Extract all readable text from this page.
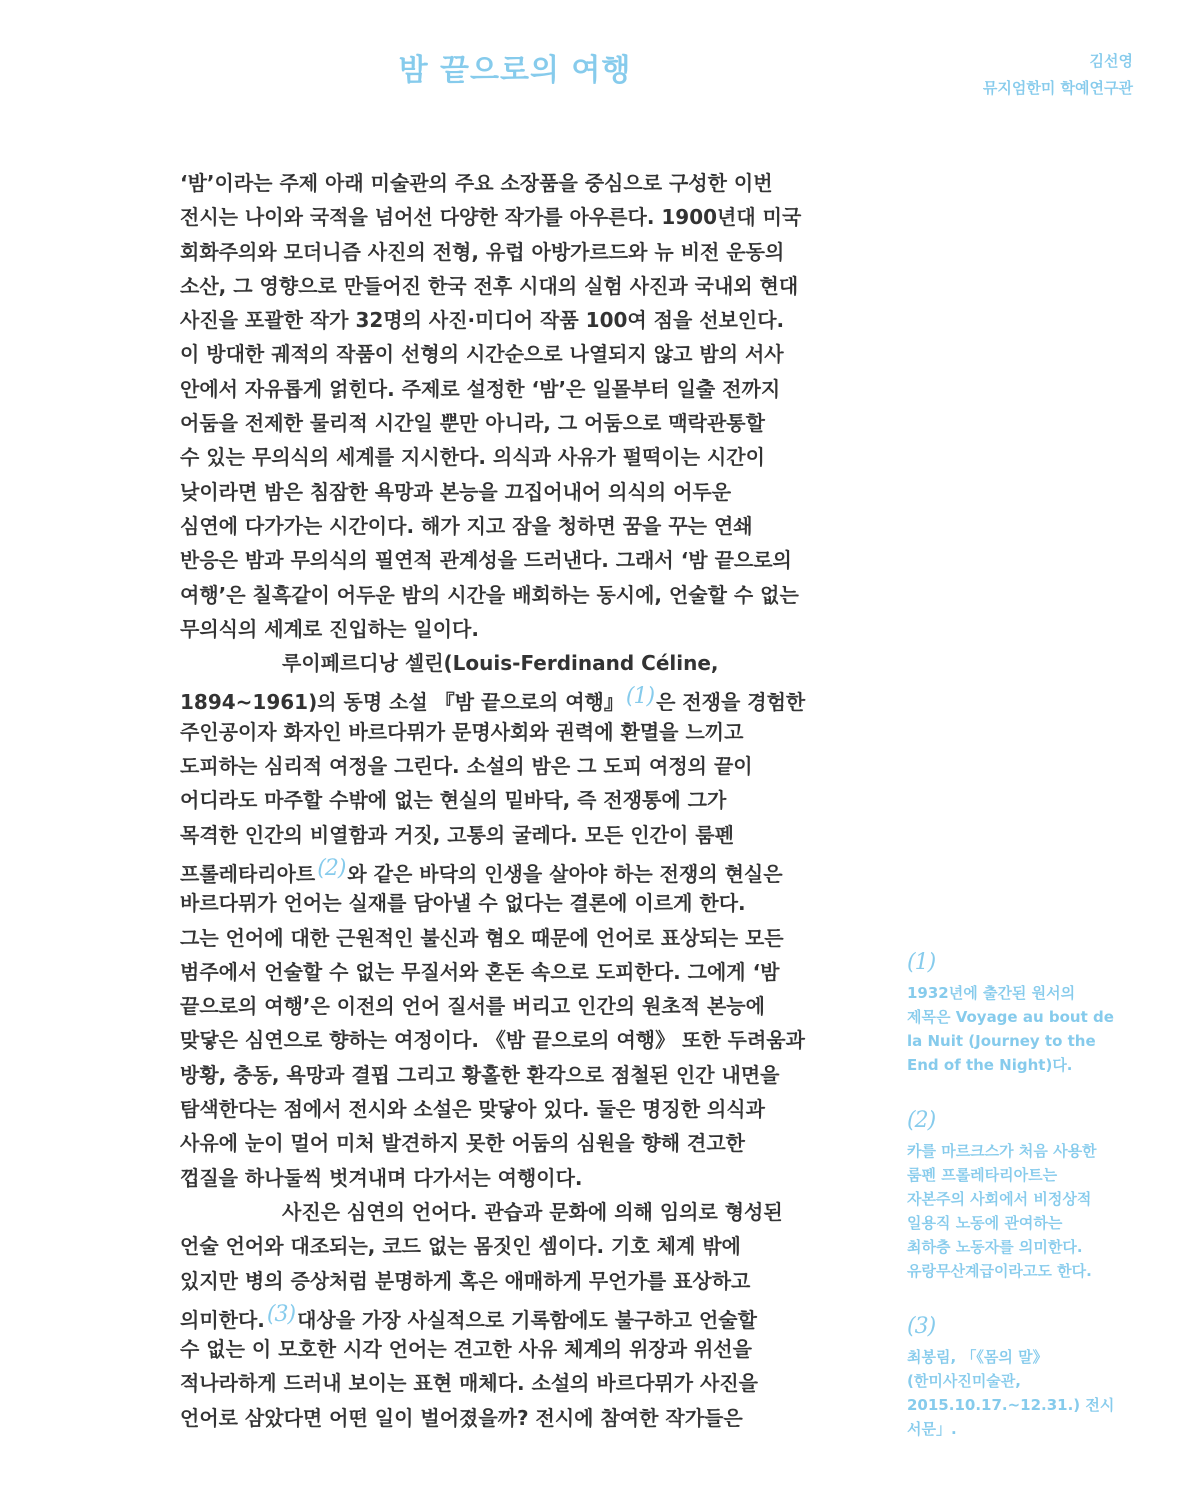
밤 끝으로의 여행	김선영
뮤지엄한미 학예연구관
‘밤’이라는 주제 아래 미술관의 주요 소장품을 중심으로 구성한 이번
전시는 나이와 국적을 넘어선 다양한 작가를 아우른다. 1900년대 미국
회화주의와 모더니즘 사진의 전형, 유럽 아방가르드와 뉴 비전 운동의
소산, 그 영향으로 만들어진 한국 전후 시대의 실험 사진과 국내외 현대
사진을 포괄한 작가 32명의 사진·미디어 작품 100여 점을 선보인다.
이 방대한 궤적의 작품이 선형의 시간순으로 나열되지 않고 밤의 서사
안에서 자유롭게 얽힌다. 주제로 설정한 ‘밤’은 일몰부터 일출 전까지
어둠을 전제한 물리적 시간일 뿐만 아니라, 그 어둠으로 맥락관통할
수 있는 무의식의 세계를 지시한다. 의식과 사유가 펄떡이는 시간이
낮이라면 밤은 침잠한 욕망과 본능을 끄집어내어 의식의 어두운
심연에 다가가는 시간이다. 해가 지고 잠을 청하면 꿈을 꾸는 연쇄
반응은 밤과 무의식의 필연적 관계성을 드러낸다. 그래서 ‘밤 끝으로의
여행’은 칠흑같이 어두운 밤의 시간을 배회하는 동시에, 언술할 수 없는
무의식의 세계로 진입하는 일이다.
루이페르디낭 셀린(Louis-Ferdinand Céline,
1894~1961)의 동명 소설 『밤 끝으로의 여행』(1) 은 전쟁을 경험한
주인공이자 화자인 바르다뮈가 문명사회와 권력에 환멸을 느끼고
도피하는 심리적 여정을 그린다. 소설의 밤은 그 도피 여정의 끝이
어디라도 마주할 수밖에 없는 현실의 밑바닥, 즉 전쟁통에 그가
목격한 인간의 비열함과 거짓, 고통의 굴레다. 모든 인간이 룸펜
프롤레타리아트(2) 와 같은 바닥의 인생을 살아야 하는 전쟁의 현실은
바르다뮈가 언어는 실재를 담아낼 수 없다는 결론에 이르게 한다.
그는 언어에 대한 근원적인 불신과 혐오 때문에 언어로 표상되는 모든
범주에서 언술할 수 없는 무질서와 혼돈 속으로 도피한다. 그에게 ‘밤
끝으로의 여행’은 이전의 언어 질서를 버리고 인간의 원초적 본능에
맞닿은 심연으로 향하는 여정이다. 《밤 끝으로의 여행》 또한 두려움과
방황, 충동, 욕망과 결핍 그리고 황홀한 환각으로 점철된 인간 내면을
탐색한다는 점에서 전시와 소설은 맞닿아 있다. 둘은 명징한 의식과
사유에 눈이 멀어 미처 발견하지 못한 어둠의 심원을 향해 견고한
껍질을 하나둘씩 벗겨내며 다가서는 여행이다.
사진은 심연의 언어다. 관습과 문화에 의해 임의로 형성된
언술 언어와 대조되는, 코드 없는 몸짓인 셈이다. 기호 체계 밖에
있지만 병의 증상처럼 분명하게 혹은 애매하게 무언가를 표상하고
의미한다.(3) 대상을 가장 사실적으로 기록함에도 불구하고 언술할
수 없는 이 모호한 시각 언어는 견고한 사유 체계의 위장과 위선을
적나라하게 드러내 보이는 표현 매체다. 소설의 바르다뮈가 사진을
언어로 삼았다면 어떤 일이 벌어졌을까? 전시에 참여한 작가들은
(1)
1932년에 출간된 원서의
제목은 Voyage au bout de
la Nuit (Journey to the
End of the Night)다.
(2)
카를 마르크스가 처음 사용한
룸펜 프롤레타리아트는
자본주의 사회에서 비정상적
일용직 노동에 관여하는
최하층 노동자를 의미한다.
유랑무산계급이라고도 한다.
(3)
최봉림, 「《몸의 말》
(한미사진미술관,
2015.10.17.~12.31.) 전시
서문」.
